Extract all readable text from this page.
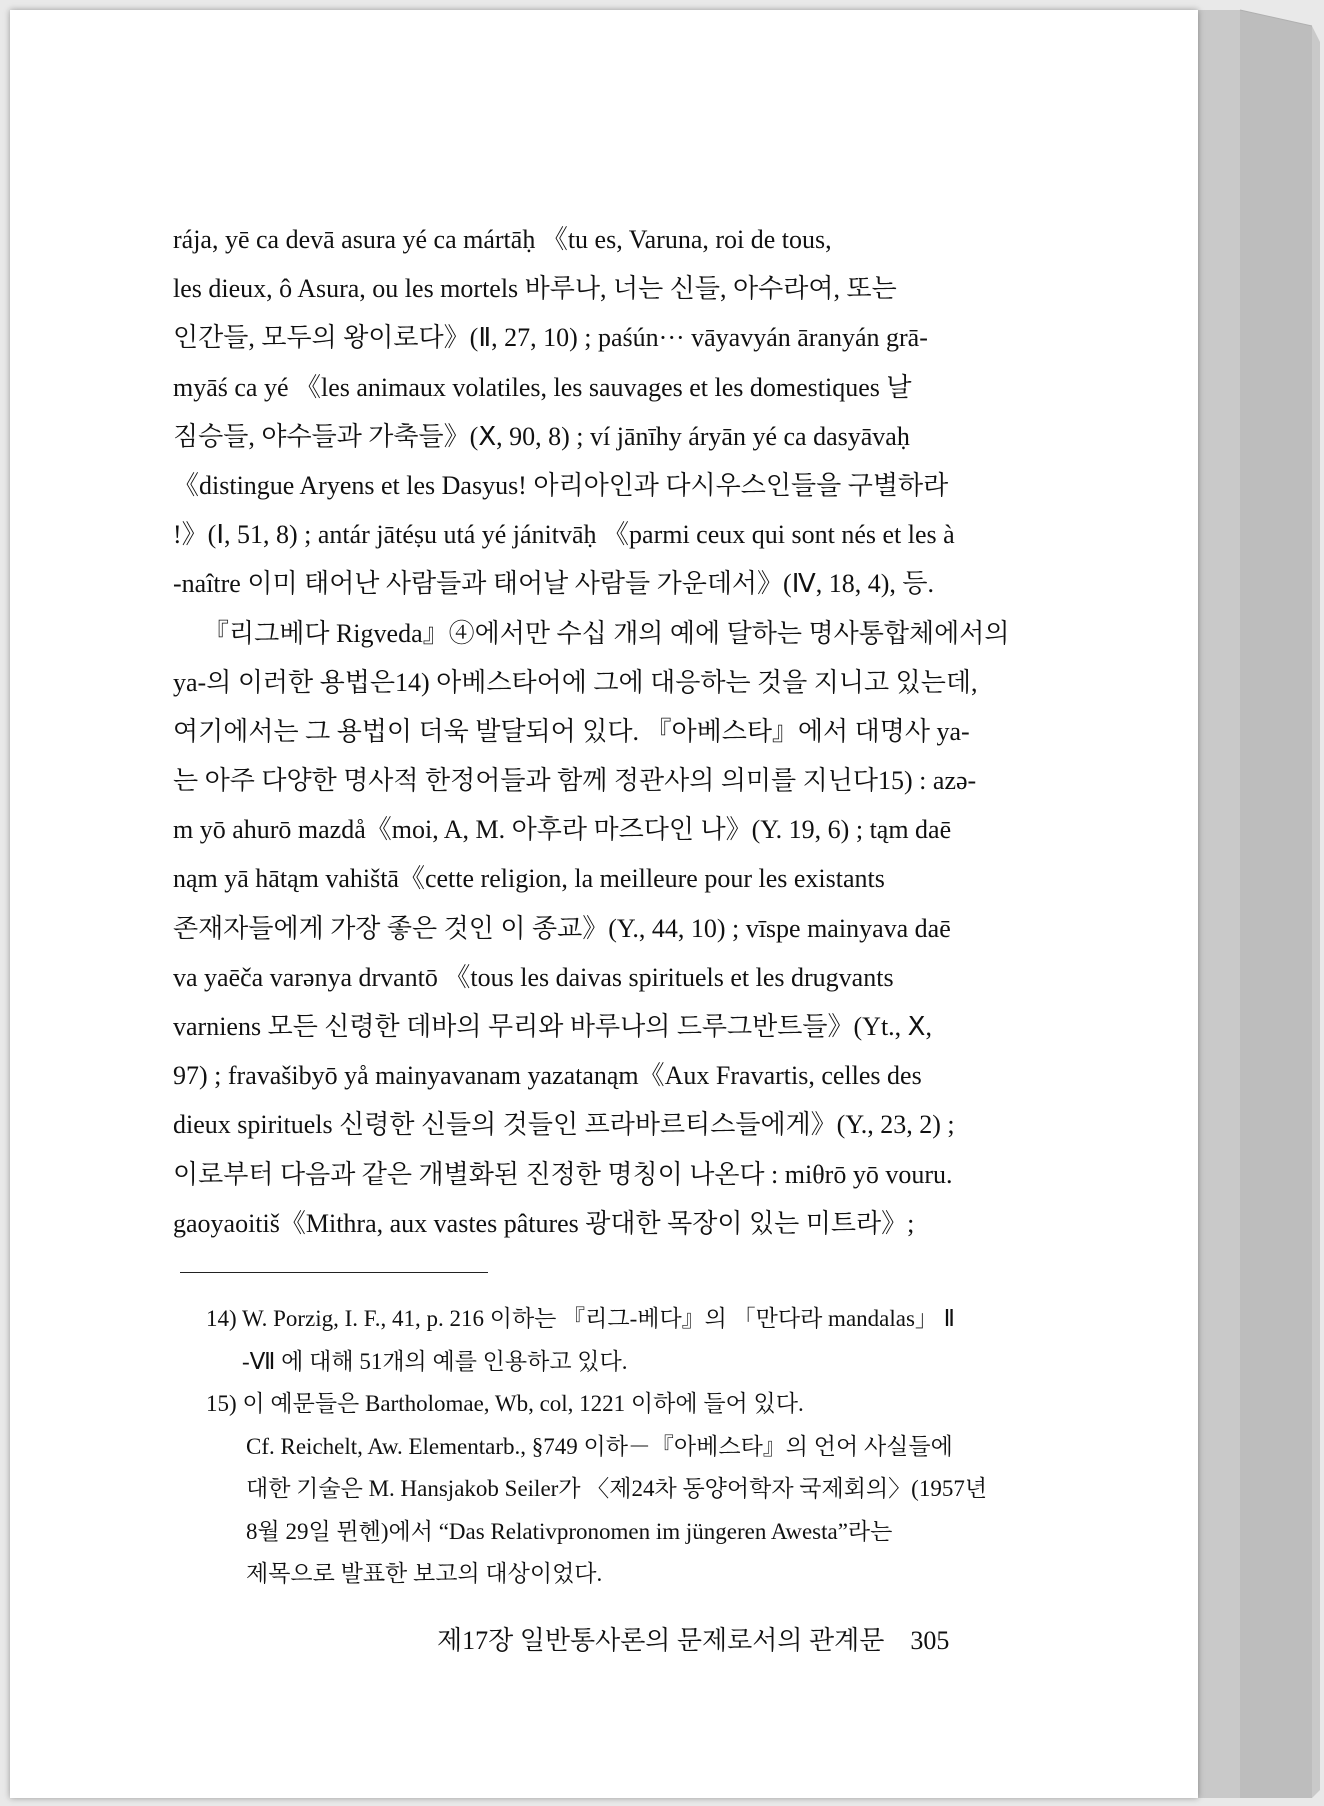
rája, yē ca devā asura yé ca mártāḥ 《tu es, Varuna, roi de tous,
les dieux, ô Asura, ou les mortels 바루나, 너는 신들, 아수라여, 또는
인간들, 모두의 왕이로다》(Ⅱ, 27, 10) ; paśún··· vāyavyán āranyán grā-
myāś ca yé 《les animaux volatiles, les sauvages et les domestiques 날
짐승들, 야수들과 가축들》(Ⅹ, 90, 8) ; ví jānīhy áryān yé ca dasyāvaḥ
《distingue Aryens et les Dasyus! 아리아인과 다시우스인들을 구별하라
!》(Ⅰ, 51, 8) ; antár jātéṣu utá yé jánitvāḥ 《parmi ceux qui sont nés et les à
-naître 이미 태어난 사람들과 태어날 사람들 가운데서》(Ⅳ, 18, 4), 등.
『리그베다 Rigveda』④에서만 수십 개의 예에 달하는 명사통합체에서의
ya-의 이러한 용법은14) 아베스타어에 그에 대응하는 것을 지니고 있는데,
여기에서는 그 용법이 더욱 발달되어 있다. 『아베스타』에서 대명사 ya-
는 아주 다양한 명사적 한정어들과 함께 정관사의 의미를 지닌다15) : azə-
m yō ahurō mazdå《moi, A, M. 아후라 마즈다인 나》(Y. 19, 6) ; tąm daē
nąm yā hātąm vahištā《cette religion, la meilleure pour les existants
존재자들에게 가장 좋은 것인 이 종교》(Y., 44, 10) ; vīspe mainyava daē
va yaēča varənya drvantō 《tous les daivas spirituels et les drugvants
varniens 모든 신령한 데바의 무리와 바루나의 드루그반트들》(Yt., Ⅹ,
97) ; fravašibyō yå mainyavanam yazatanąm《Aux Fravartis, celles des
dieux spirituels 신령한 신들의 것들인 프라바르티스들에게》(Y., 23, 2) ;
이로부터 다음과 같은 개별화된 진정한 명칭이 나온다 : miθrō yō vouru.
gaoyaoitiš《Mithra, aux vastes pâtures 광대한 목장이 있는 미트라》;
14) W. Porzig, I. F., 41, p. 216 이하는 『리그-베다』의 「만다라 mandalas」 Ⅱ
-Ⅶ 에 대해 51개의 예를 인용하고 있다.
15) 이 예문들은 Bartholomae, Wb, col, 1221 이하에 들어 있다.
Cf. Reichelt, Aw. Elementarb., §749 이하－『아베스타』의 언어 사실들에
대한 기술은 M. Hansjakob Seiler가 〈제24차 동양어학자 국제회의〉(1957년
8월 29일 뮌헨)에서 “Das Relativpronomen im jüngeren Awesta”라는
제목으로 발표한 보고의 대상이었다.
제17장 일반통사론의 문제로서의 관계문 305
